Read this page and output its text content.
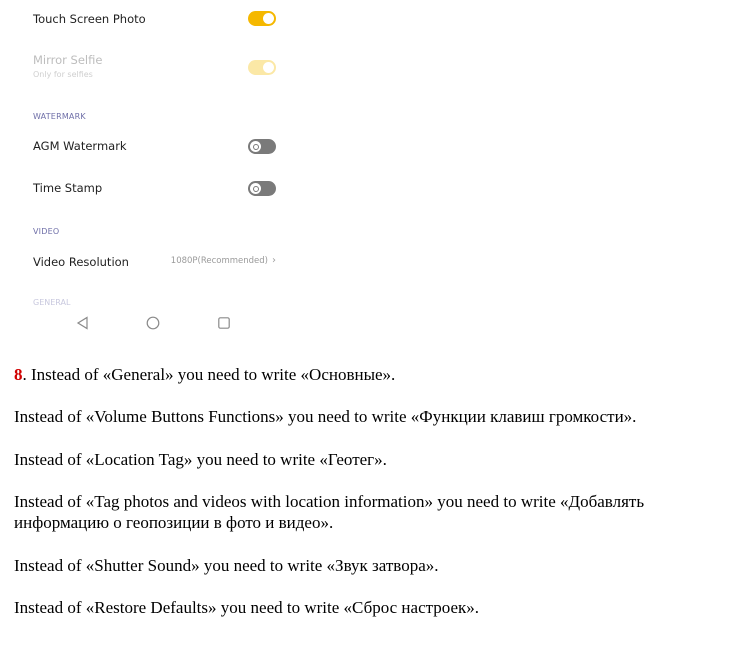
Touch Screen Photo
Mirror Selfie
Only for selfies
WATERMARK
AGM Watermark
Time Stamp
VIDEO
Video Resolution	1080P(Recommended) ›
GENERAL
8. Instead of «General» you need to write «Основные».
Instead of «Volume Buttons Functions» you need to write «Функции клавиш громкости».
Instead of «Location Tag» you need to write «Геотег».
Instead of «Tag photos and videos with location information» you need to write «Добавлять информацию о геопозиции в фото и видео».
Instead of «Shutter Sound» you need to write «Звук затвора».
Instead of «Restore Defaults» you need to write «Сброс настроек».
